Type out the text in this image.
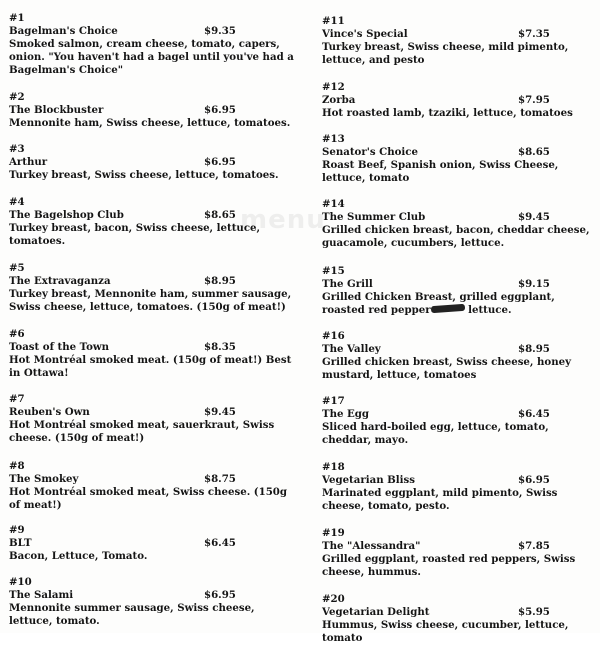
menu
#1
Bagelman's Choice	$9.35
Smoked salmon, cream cheese, tomato, capers, onion. "You haven't had a bagel until you've had a Bagelman's Choice"
#2
The Blockbuster	$6.95
Mennonite ham, Swiss cheese, lettuce, tomatoes.
#3
Arthur	$6.95
Turkey breast, Swiss cheese, lettuce, tomatoes.
#4
The Bagelshop Club	$8.65
Turkey breast, bacon, Swiss cheese, lettuce, tomatoes.
#5
The Extravaganza	$8.95
Turkey breast, Mennonite ham, summer sausage, Swiss cheese, lettuce, tomatoes. (150g of meat!)
#6
Toast of the Town	$8.35
Hot Montréal smoked meat. (150g of meat!) Best in Ottawa!
#7
Reuben's Own	$9.45
Hot Montréal smoked meat, sauerkraut, Swiss cheese. (150g of meat!)
#8
The Smokey	$8.75
Hot Montréal smoked meat, Swiss cheese. (150g of meat!)
#9
BLT	$6.45
Bacon, Lettuce, Tomato.
#10
The Salami	$6.95
Mennonite summer sausage, Swiss cheese, lettuce, tomato.
#11
Vince's Special	$7.35
Turkey breast, Swiss cheese, mild pimento, lettuce, and pesto
#12
Zorba	$7.95
Hot roasted lamb, tzaziki, lettuce, tomatoes
#13
Senator's Choice	$8.65
Roast Beef, Spanish onion, Swiss Cheese, lettuce, tomato
#14
The Summer Club	$9.45
Grilled chicken breast, bacon, cheddar cheese, guacamole, cucumbers, lettuce.
#15
The Grill	$9.15
Grilled Chicken Breast, grilled eggplant, roasted red pepper	lettuce.
#16
The Valley	$8.95
Grilled chicken breast, Swiss cheese, honey mustard, lettuce, tomatoes
#17
The Egg	$6.45
Sliced hard-boiled egg, lettuce, tomato, cheddar, mayo.
#18
Vegetarian Bliss	$6.95
Marinated eggplant, mild pimento, Swiss cheese, tomato, pesto.
#19
The "Alessandra"	$7.85
Grilled eggplant, roasted red peppers, Swiss cheese, hummus.
#20
Vegetarian Delight	$5.95
Hummus, Swiss cheese, cucumber, lettuce, tomato
